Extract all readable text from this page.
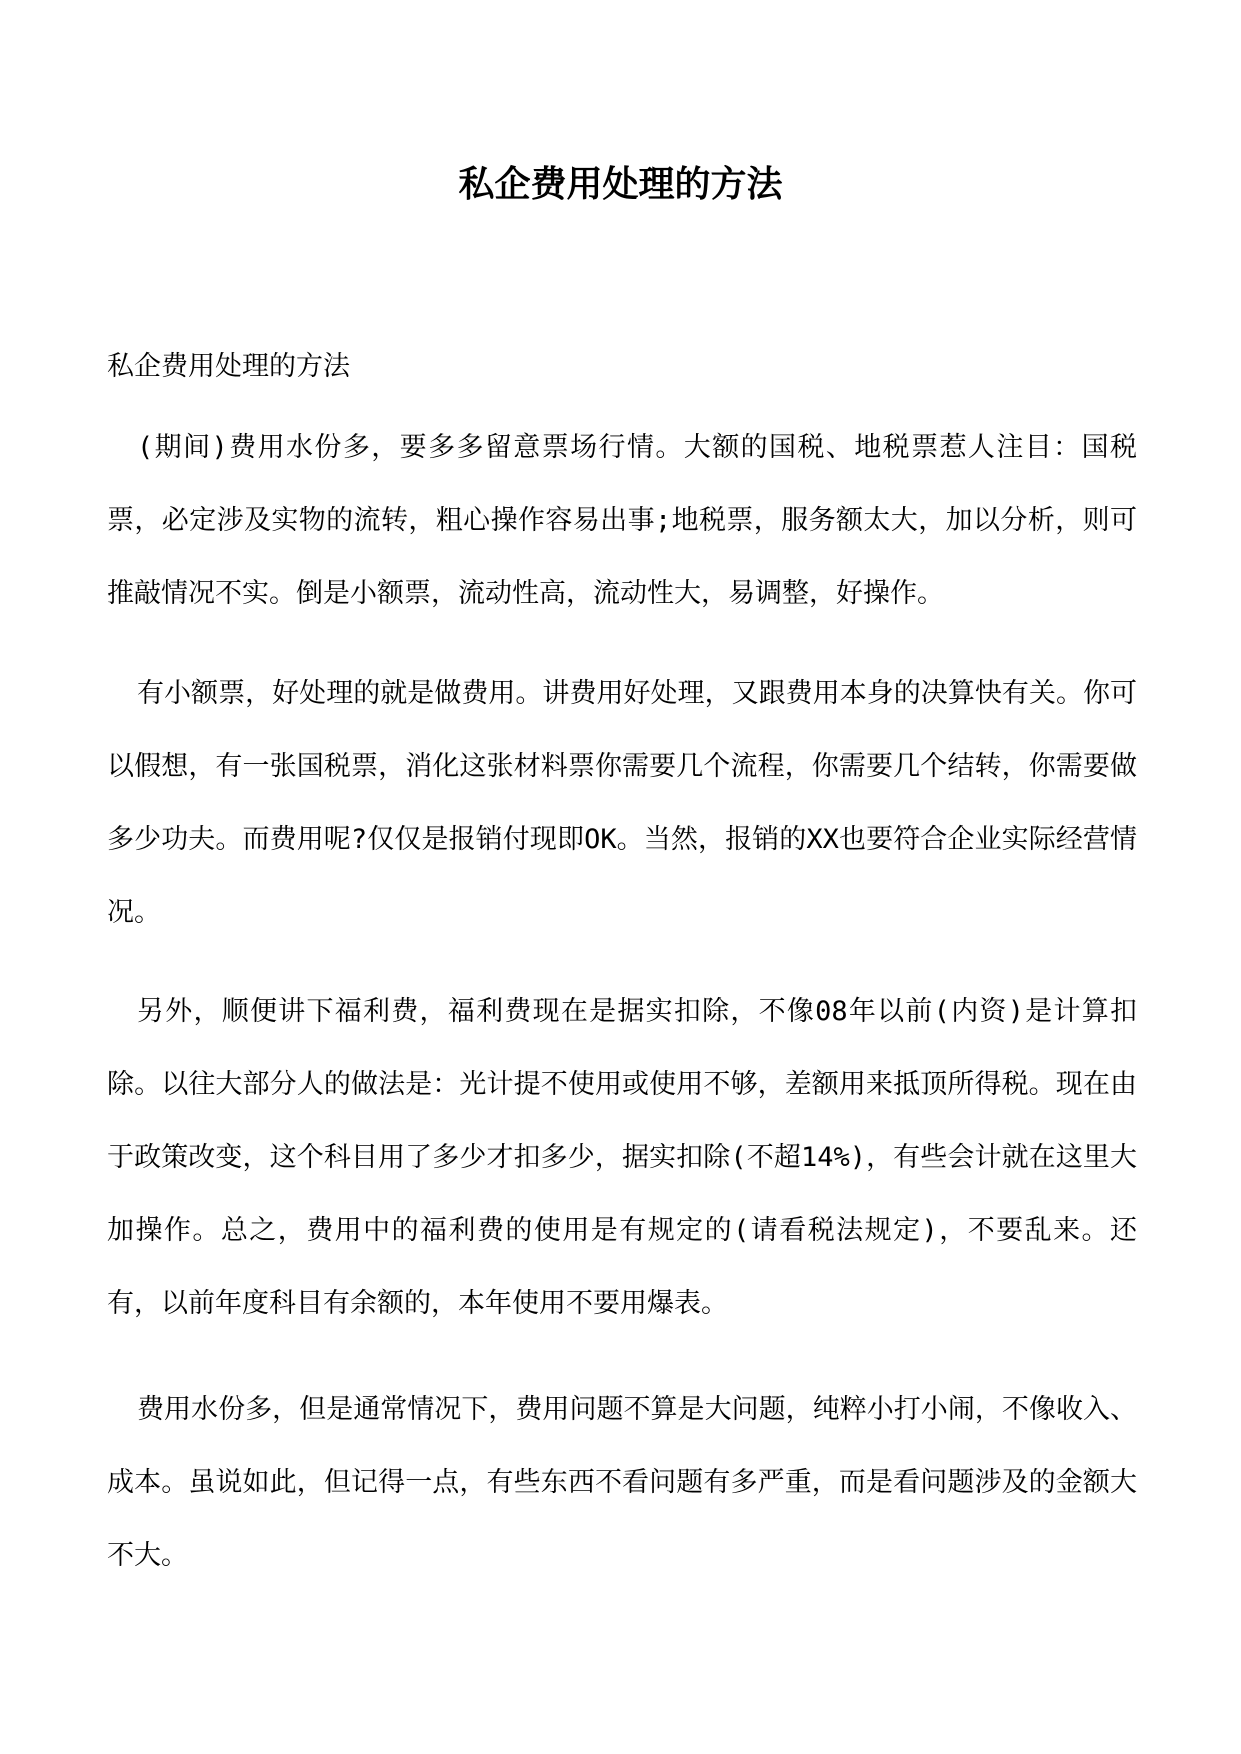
私企费用处理的方法

私企费用处理的方法

(期间)费用水份多，要多多留意票场行情。大额的国税、地税票惹人注目：国税票，必定涉及实物的流转，粗心操作容易出事;地税票，服务额太大，加以分析，则可推敲情况不实。倒是小额票，流动性高，流动性大，易调整，好操作。

有小额票，好处理的就是做费用。讲费用好处理，又跟费用本身的决算快有关。你可以假想，有一张国税票，消化这张材料票你需要几个流程，你需要几个结转，你需要做多少功夫。而费用呢?仅仅是报销付现即OK。当然，报销的XX也要符合企业实际经营情况。

另外，顺便讲下福利费，福利费现在是据实扣除，不像08年以前(内资)是计算扣除。以往大部分人的做法是：光计提不使用或使用不够，差额用来抵顶所得税。现在由于政策改变，这个科目用了多少才扣多少，据实扣除(不超14%)，有些会计就在这里大加操作。总之，费用中的福利费的使用是有规定的(请看税法规定)，不要乱来。还有，以前年度科目有余额的，本年使用不要用爆表。

费用水份多，但是通常情况下，费用问题不算是大问题，纯粹小打小闹，不像收入、成本。虽说如此，但记得一点，有些东西不看问题有多严重，而是看问题涉及的金额大不大。
